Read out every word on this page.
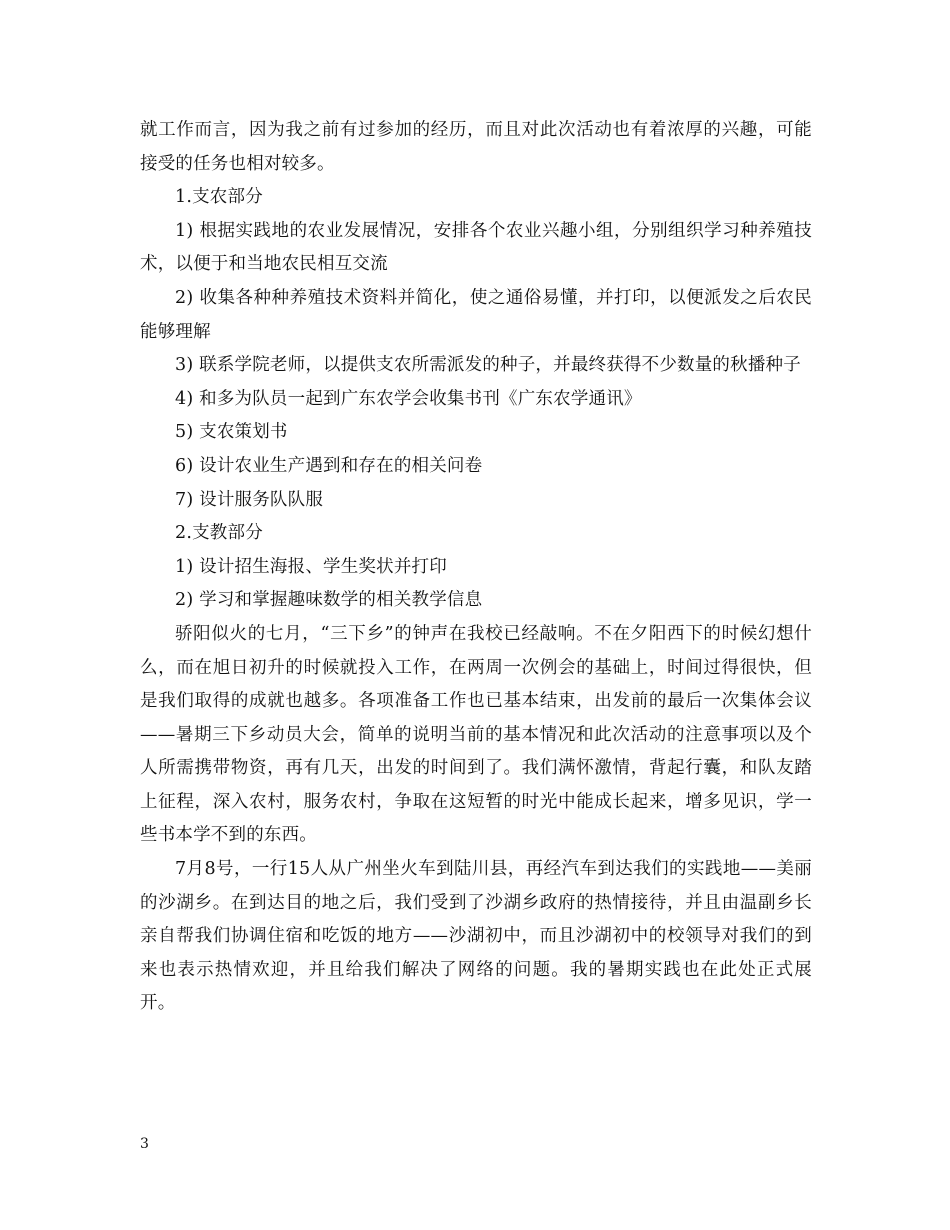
就工作而言，因为我之前有过参加的经历，而且对此次活动也有着浓厚的兴趣，可能接受的任务也相对较多。

1.支农部分

1) 根据实践地的农业发展情况，安排各个农业兴趣小组，分别组织学习种养殖技术，以便于和当地农民相互交流

2) 收集各种种养殖技术资料并简化，使之通俗易懂，并打印，以便派发之后农民能够理解

3) 联系学院老师，以提供支农所需派发的种子，并最终获得不少数量的秋播种子

4) 和多为队员一起到广东农学会收集书刊《广东农学通讯》

5) 支农策划书

6) 设计农业生产遇到和存在的相关问卷

7) 设计服务队队服

2.支教部分

1) 设计招生海报、学生奖状并打印

2) 学习和掌握趣味数学的相关教学信息

骄阳似火的七月，“三下乡”的钟声在我校已经敲响。不在夕阳西下的时候幻想什么，而在旭日初升的时候就投入工作，在两周一次例会的基础上，时间过得很快，但是我们取得的成就也越多。各项准备工作也已基本结束，出发前的最后一次集体会议——暑期三下乡动员大会，简单的说明当前的基本情况和此次活动的注意事项以及个人所需携带物资，再有几天，出发的时间到了。我们满怀激情，背起行囊，和队友踏上征程，深入农村，服务农村，争取在这短暂的时光中能成长起来，增多见识，学一些书本学不到的东西。

7月8号，一行15人从广州坐火车到陆川县，再经汽车到达我们的实践地——美丽的沙湖乡。在到达目的地之后，我们受到了沙湖乡政府的热情接待，并且由温副乡长亲自帮我们协调住宿和吃饭的地方——沙湖初中，而且沙湖初中的校领导对我们的到来也表示热情欢迎，并且给我们解决了网络的问题。我的暑期实践也在此处正式展开。

3
